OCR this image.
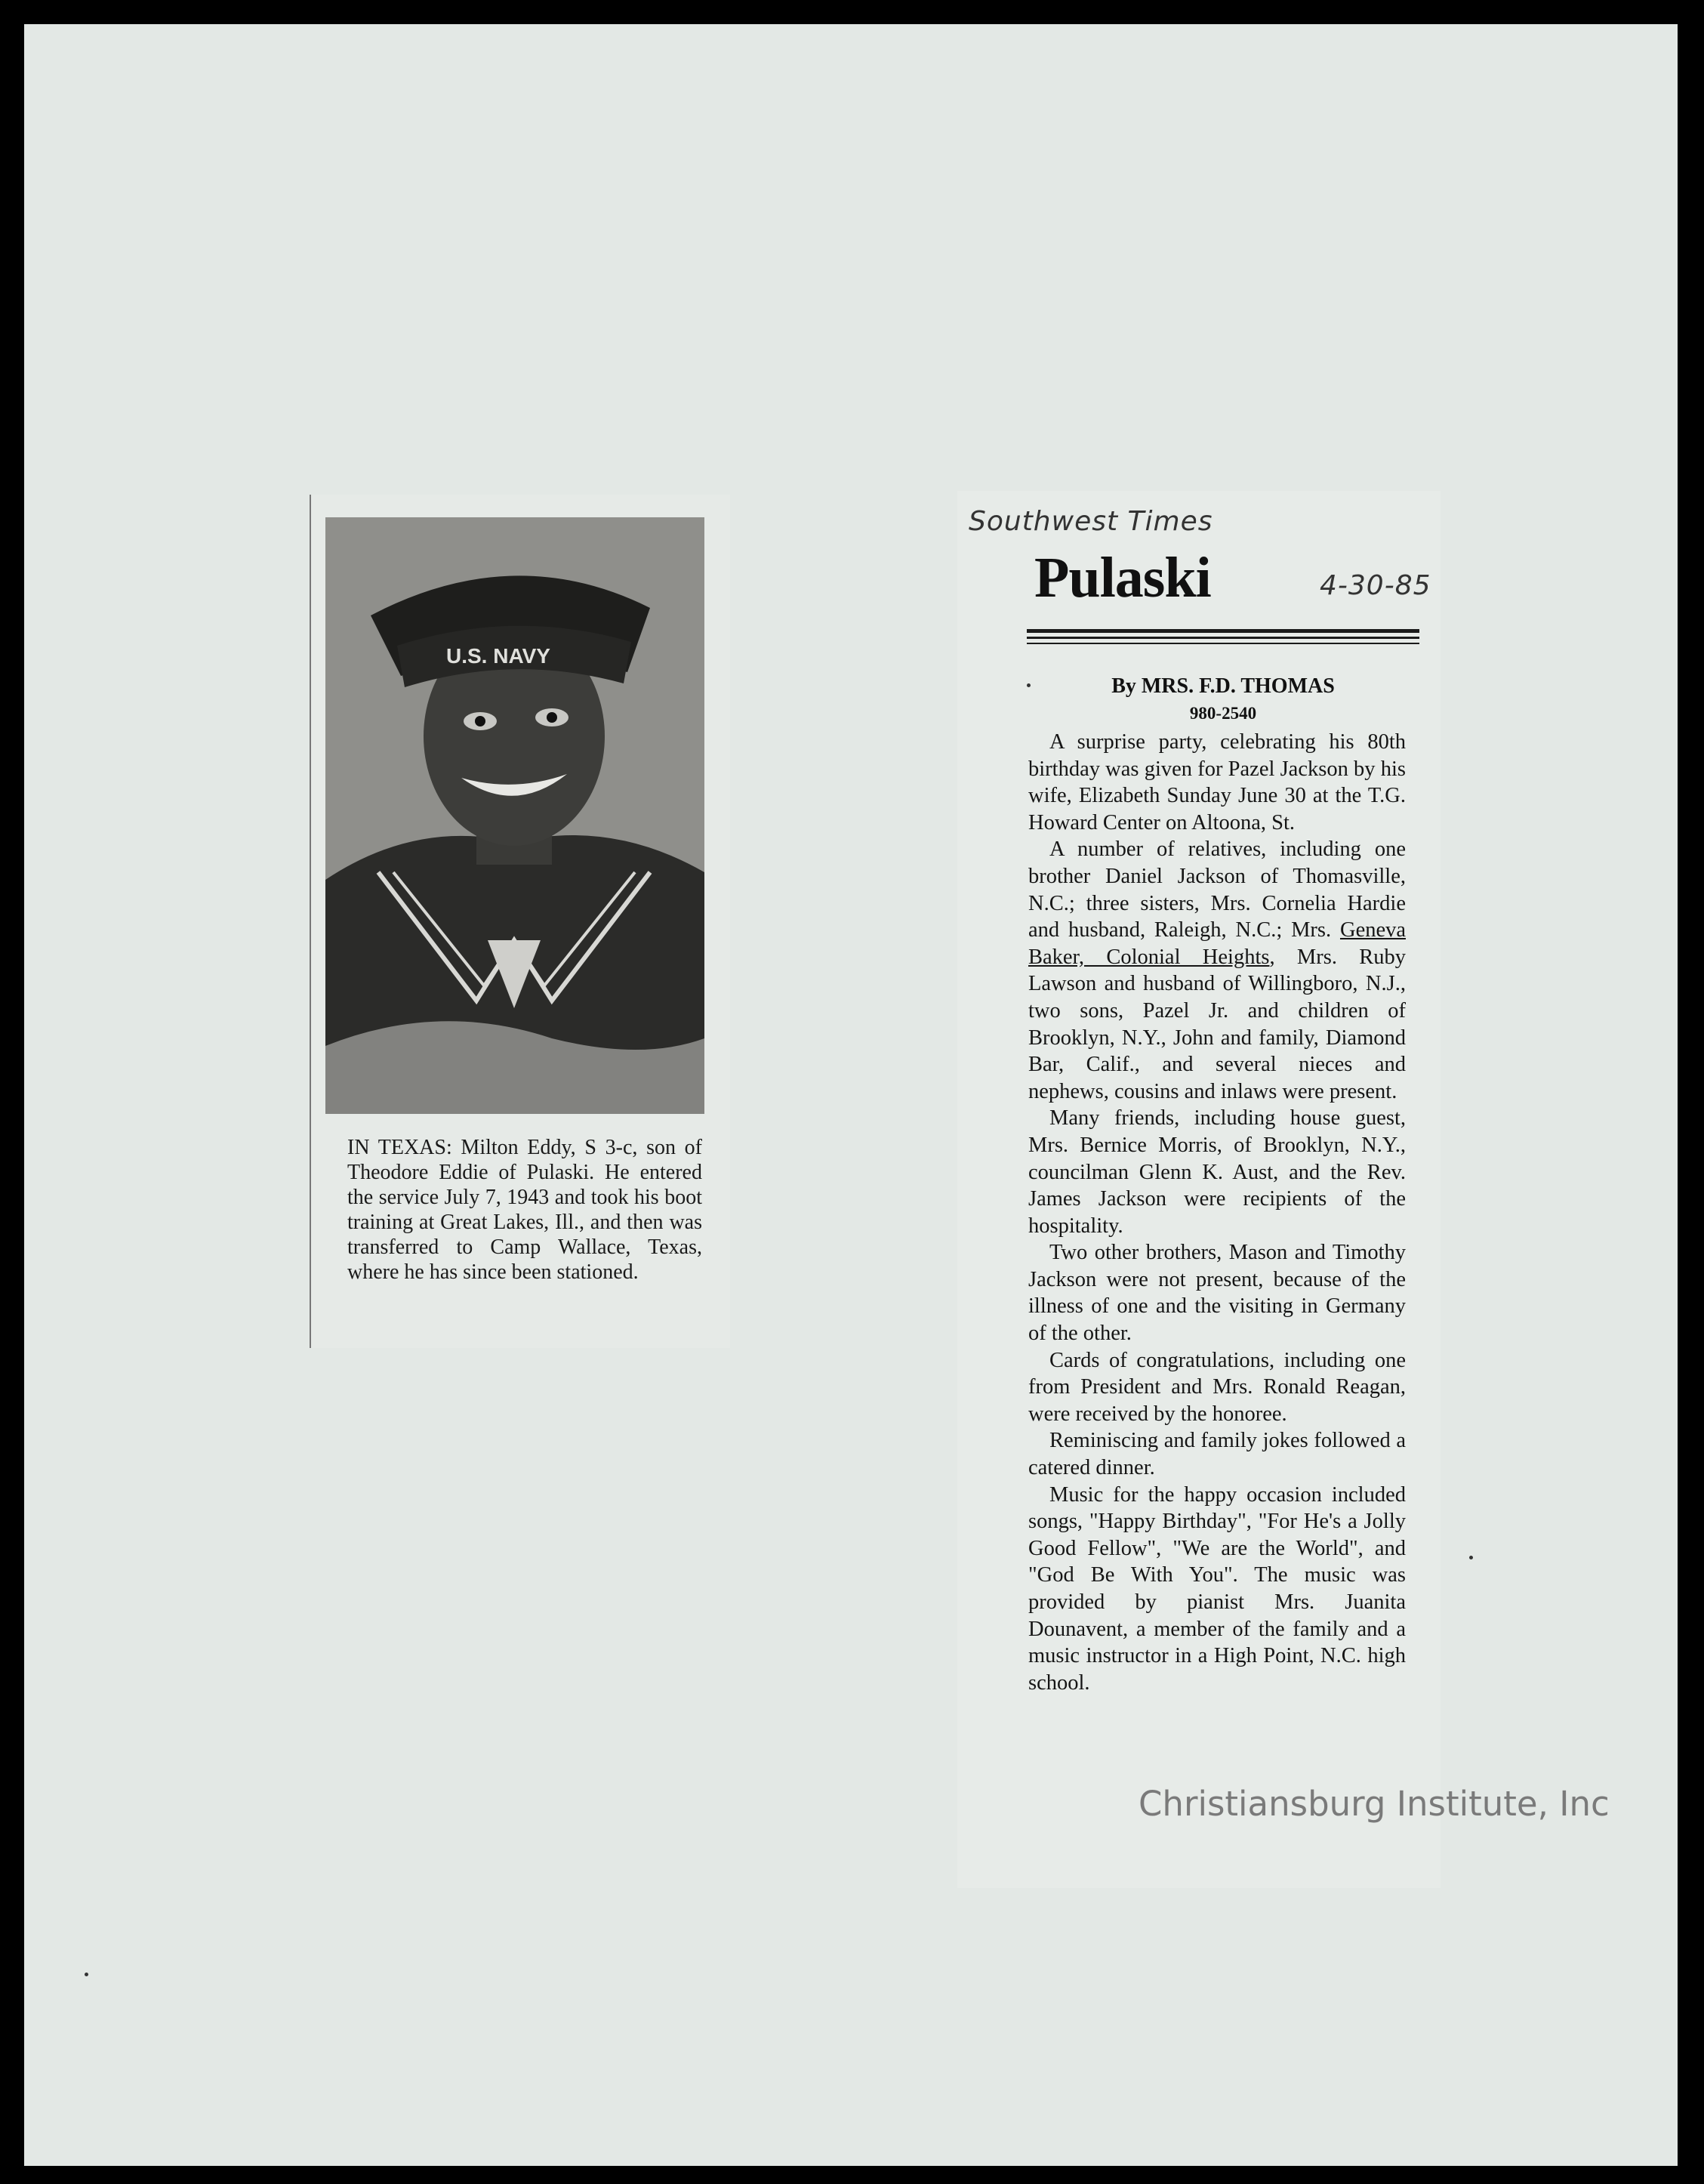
U.S. NAVY
IN TEXAS: Milton Eddy, S 3-c, son of Theodore Eddie of Pulaski. He entered the service July 7, 1943 and took his boot training at Great Lakes, Ill., and then was transferred to Camp Wallace, Texas, where he has since been stationed.
Southwest Times
4-30-85
Pulaski
By MRS. F.D. THOMAS
980-2540

A surprise party, celebrating his 80th birthday was given for Pazel Jackson by his wife, Elizabeth Sunday June 30 at the T.G. Howard Center on Altoona, St.

A number of relatives, including one brother Daniel Jackson of Thomasville, N.C.; three sisters, Mrs. Cornelia Hardie and husband, Raleigh, N.C.; Mrs. Geneva Baker, Colonial Heights, Mrs. Ruby Lawson and husband of Willingboro, N.J., two sons, Pazel Jr. and children of Brooklyn, N.Y., John and family, Diamond Bar, Calif., and several nieces and nephews, cousins and inlaws were present.

Many friends, including house guest, Mrs. Bernice Morris, of Brooklyn, N.Y., councilman Glenn K. Aust, and the Rev. James Jackson were recipients of the hospitality.

Two other brothers, Mason and Timothy Jackson were not present, because of the illness of one and the visiting in Germany of the other.

Cards of congratulations, including one from President and Mrs. Ronald Reagan, were received by the honoree.

Reminiscing and family jokes followed a catered dinner.

Music for the happy occasion included songs, "Happy Birthday", "For He's a Jolly Good Fellow", "We are the World", and "God Be With You". The music was provided by pianist Mrs. Juanita Dounavent, a member of the family and a music instructor in a High Point, N.C. high school.

Christiansburg Institute, Inc
